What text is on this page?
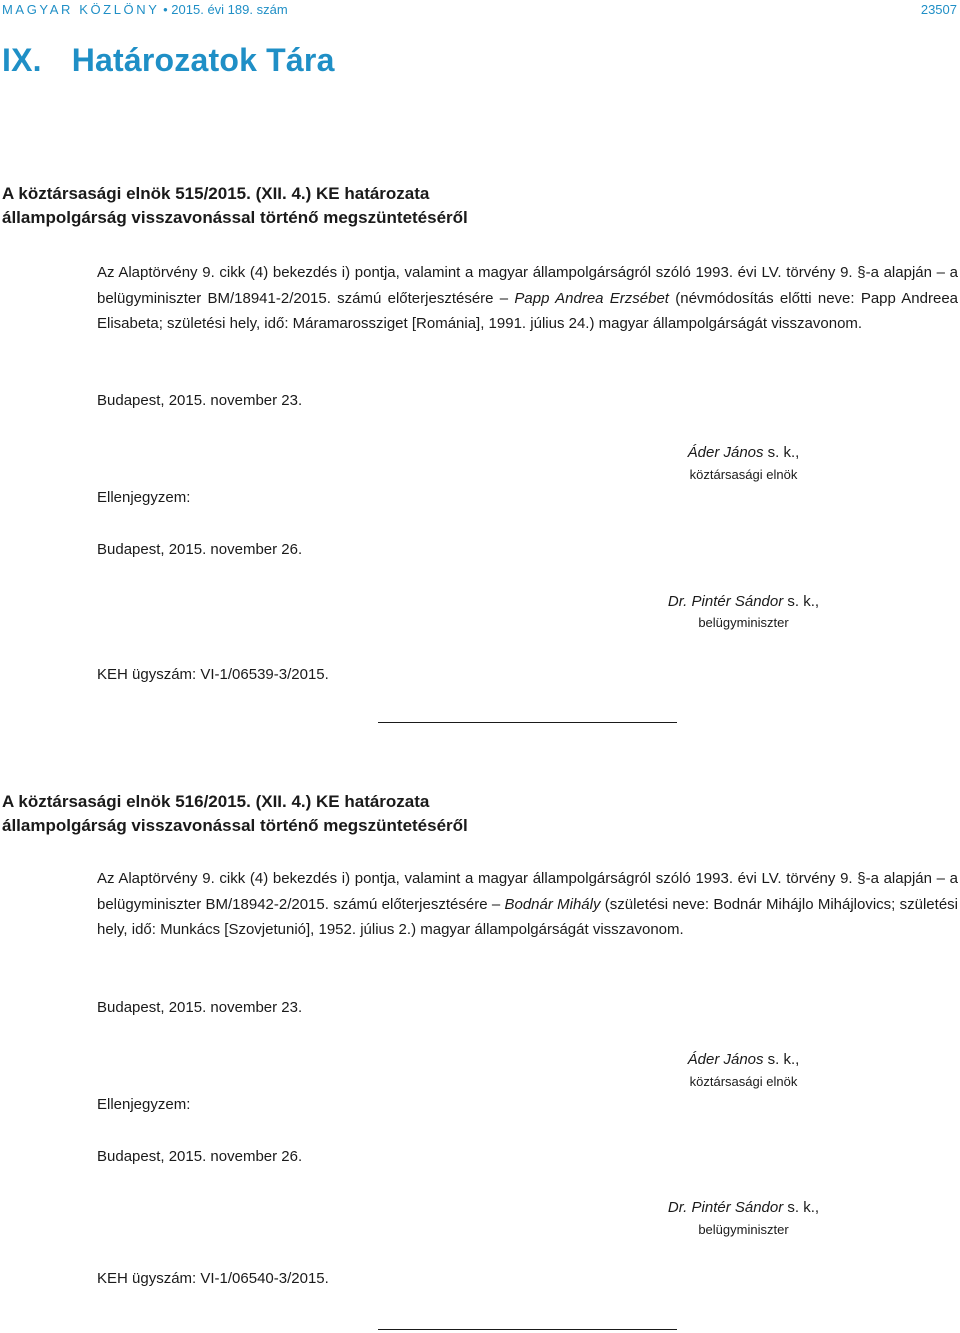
MAGYAR KÖZLÖNY • 2015. évi 189. szám	23507
IX. Határozatok Tára
A köztársasági elnök 515/2015. (XII. 4.) KE határozata
állampolgárság visszavonással történő megszüntetéséről

Az Alaptörvény 9. cikk (4) bekezdés i) pontja, valamint a magyar állampolgárságról szóló 1993. évi LV. törvény 9. §-a alapján – a belügyminiszter BM/18941-2/2015. számú előterjesztésére – Papp Andrea Erzsébet (névmódosítás előtti neve: Papp Andreea Elisabeta; születési hely, idő: Máramarossziget [Románia], 1991. július 24.) magyar állampolgárságát visszavonom.

Budapest, 2015. november 23.

Áder János s. k.,
köztársasági elnök

Ellenjegyzem:

Budapest, 2015. november 26.

Dr. Pintér Sándor s. k.,
belügyminiszter

KEH ügyszám: VI-1/06539-3/2015.

A köztársasági elnök 516/2015. (XII. 4.) KE határozata
állampolgárság visszavonással történő megszüntetéséről

Az Alaptörvény 9. cikk (4) bekezdés i) pontja, valamint a magyar állampolgárságról szóló 1993. évi LV. törvény 9. §-a alapján – a belügyminiszter BM/18942-2/2015. számú előterjesztésére – Bodnár Mihály (születési neve: Bodnár Mihájlo Mihájlovics; születési hely, idő: Munkács [Szovjetunió], 1952. július 2.) magyar állampolgárságát visszavonom.

Budapest, 2015. november 23.

Áder János s. k.,
köztársasági elnök

Ellenjegyzem:

Budapest, 2015. november 26.

Dr. Pintér Sándor s. k.,
belügyminiszter

KEH ügyszám: VI-1/06540-3/2015.
